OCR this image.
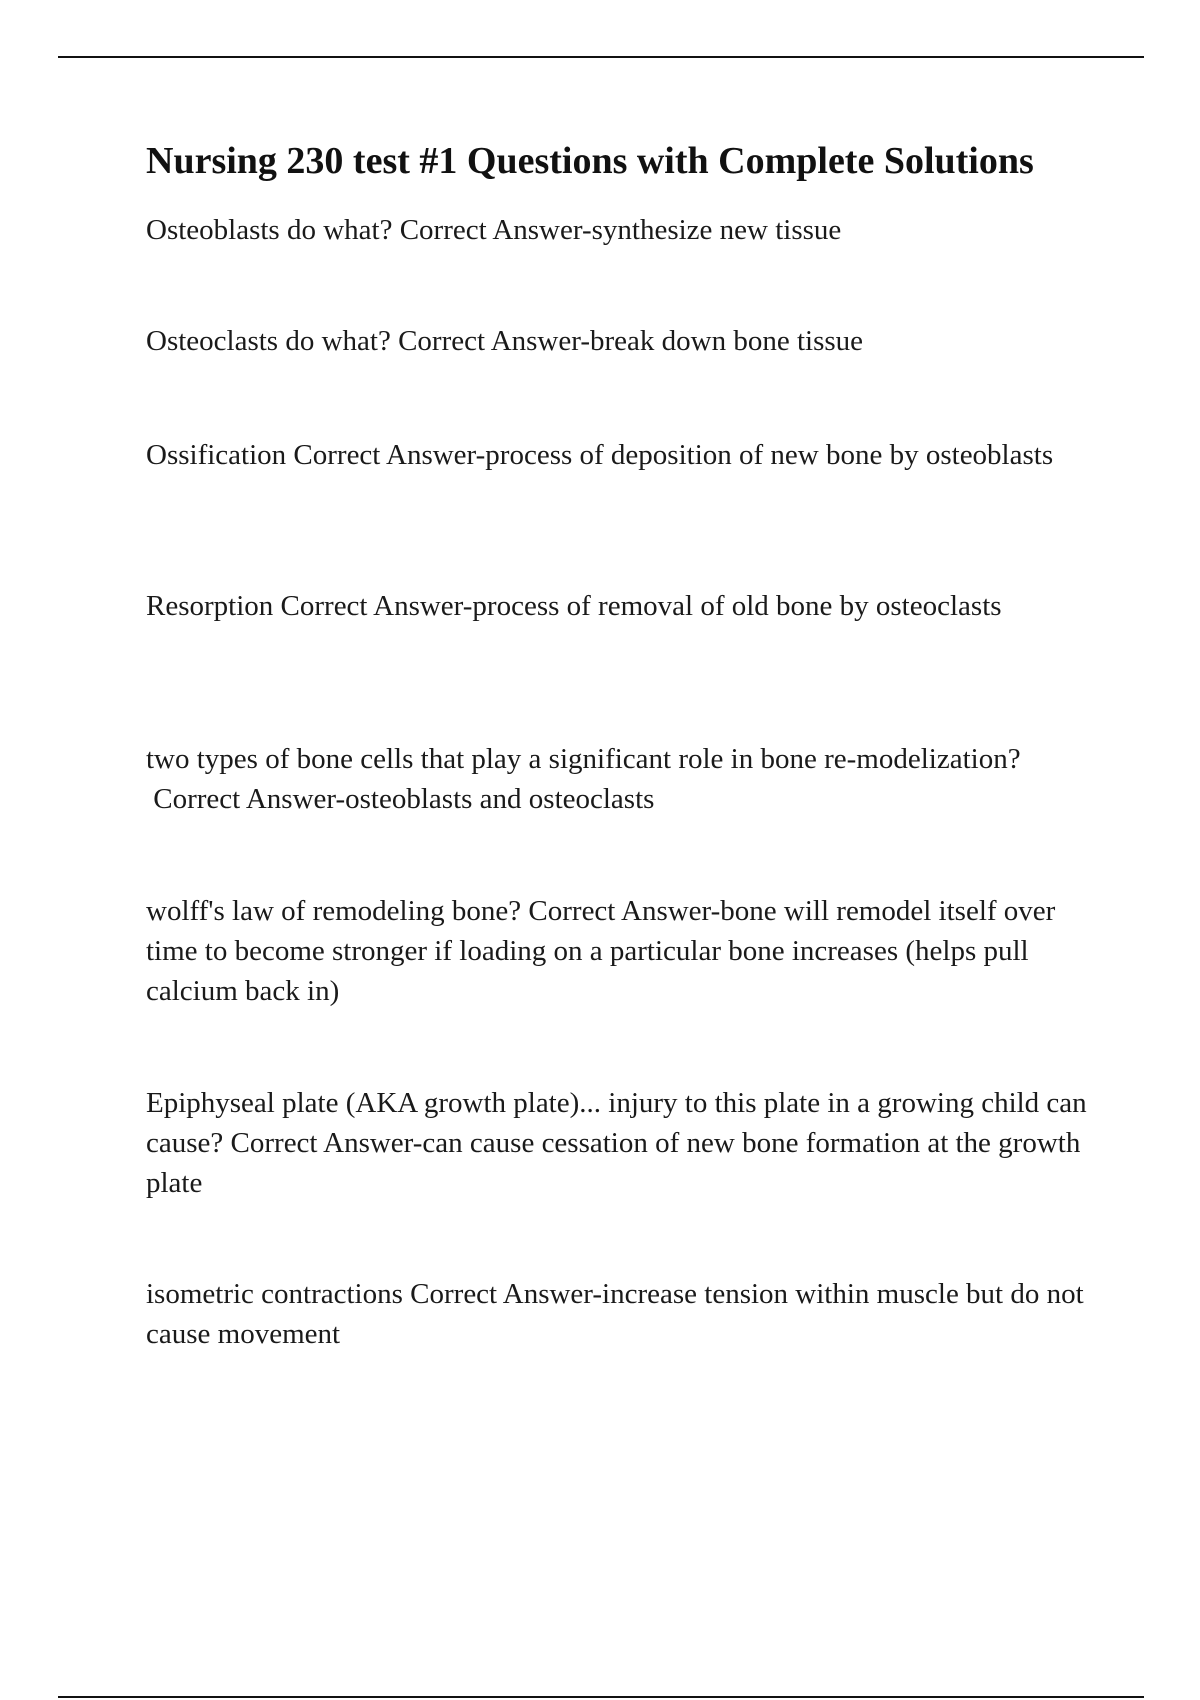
Nursing 230 test #1 Questions with Complete Solutions
Osteoblasts do what? Correct Answer-synthesize new tissue
Osteoclasts do what? Correct Answer-break down bone tissue
Ossification Correct Answer-process of deposition of new bone by osteoblasts
Resorption Correct Answer-process of removal of old bone by osteoclasts
two types of bone cells that play a significant role in bone re-modelization?Correct Answer-osteoblasts and osteoclasts
wolff's law of remodeling bone? Correct Answer-bone will remodel itself over time to become stronger if loading on a particular bone increases (helps pull calcium back in)
Epiphyseal plate (AKA growth plate)... injury to this plate in a growing child can cause? Correct Answer-can cause cessation of new bone formation at the growth plate
isometric contractions Correct Answer-increase tension within muscle but do not cause movement
